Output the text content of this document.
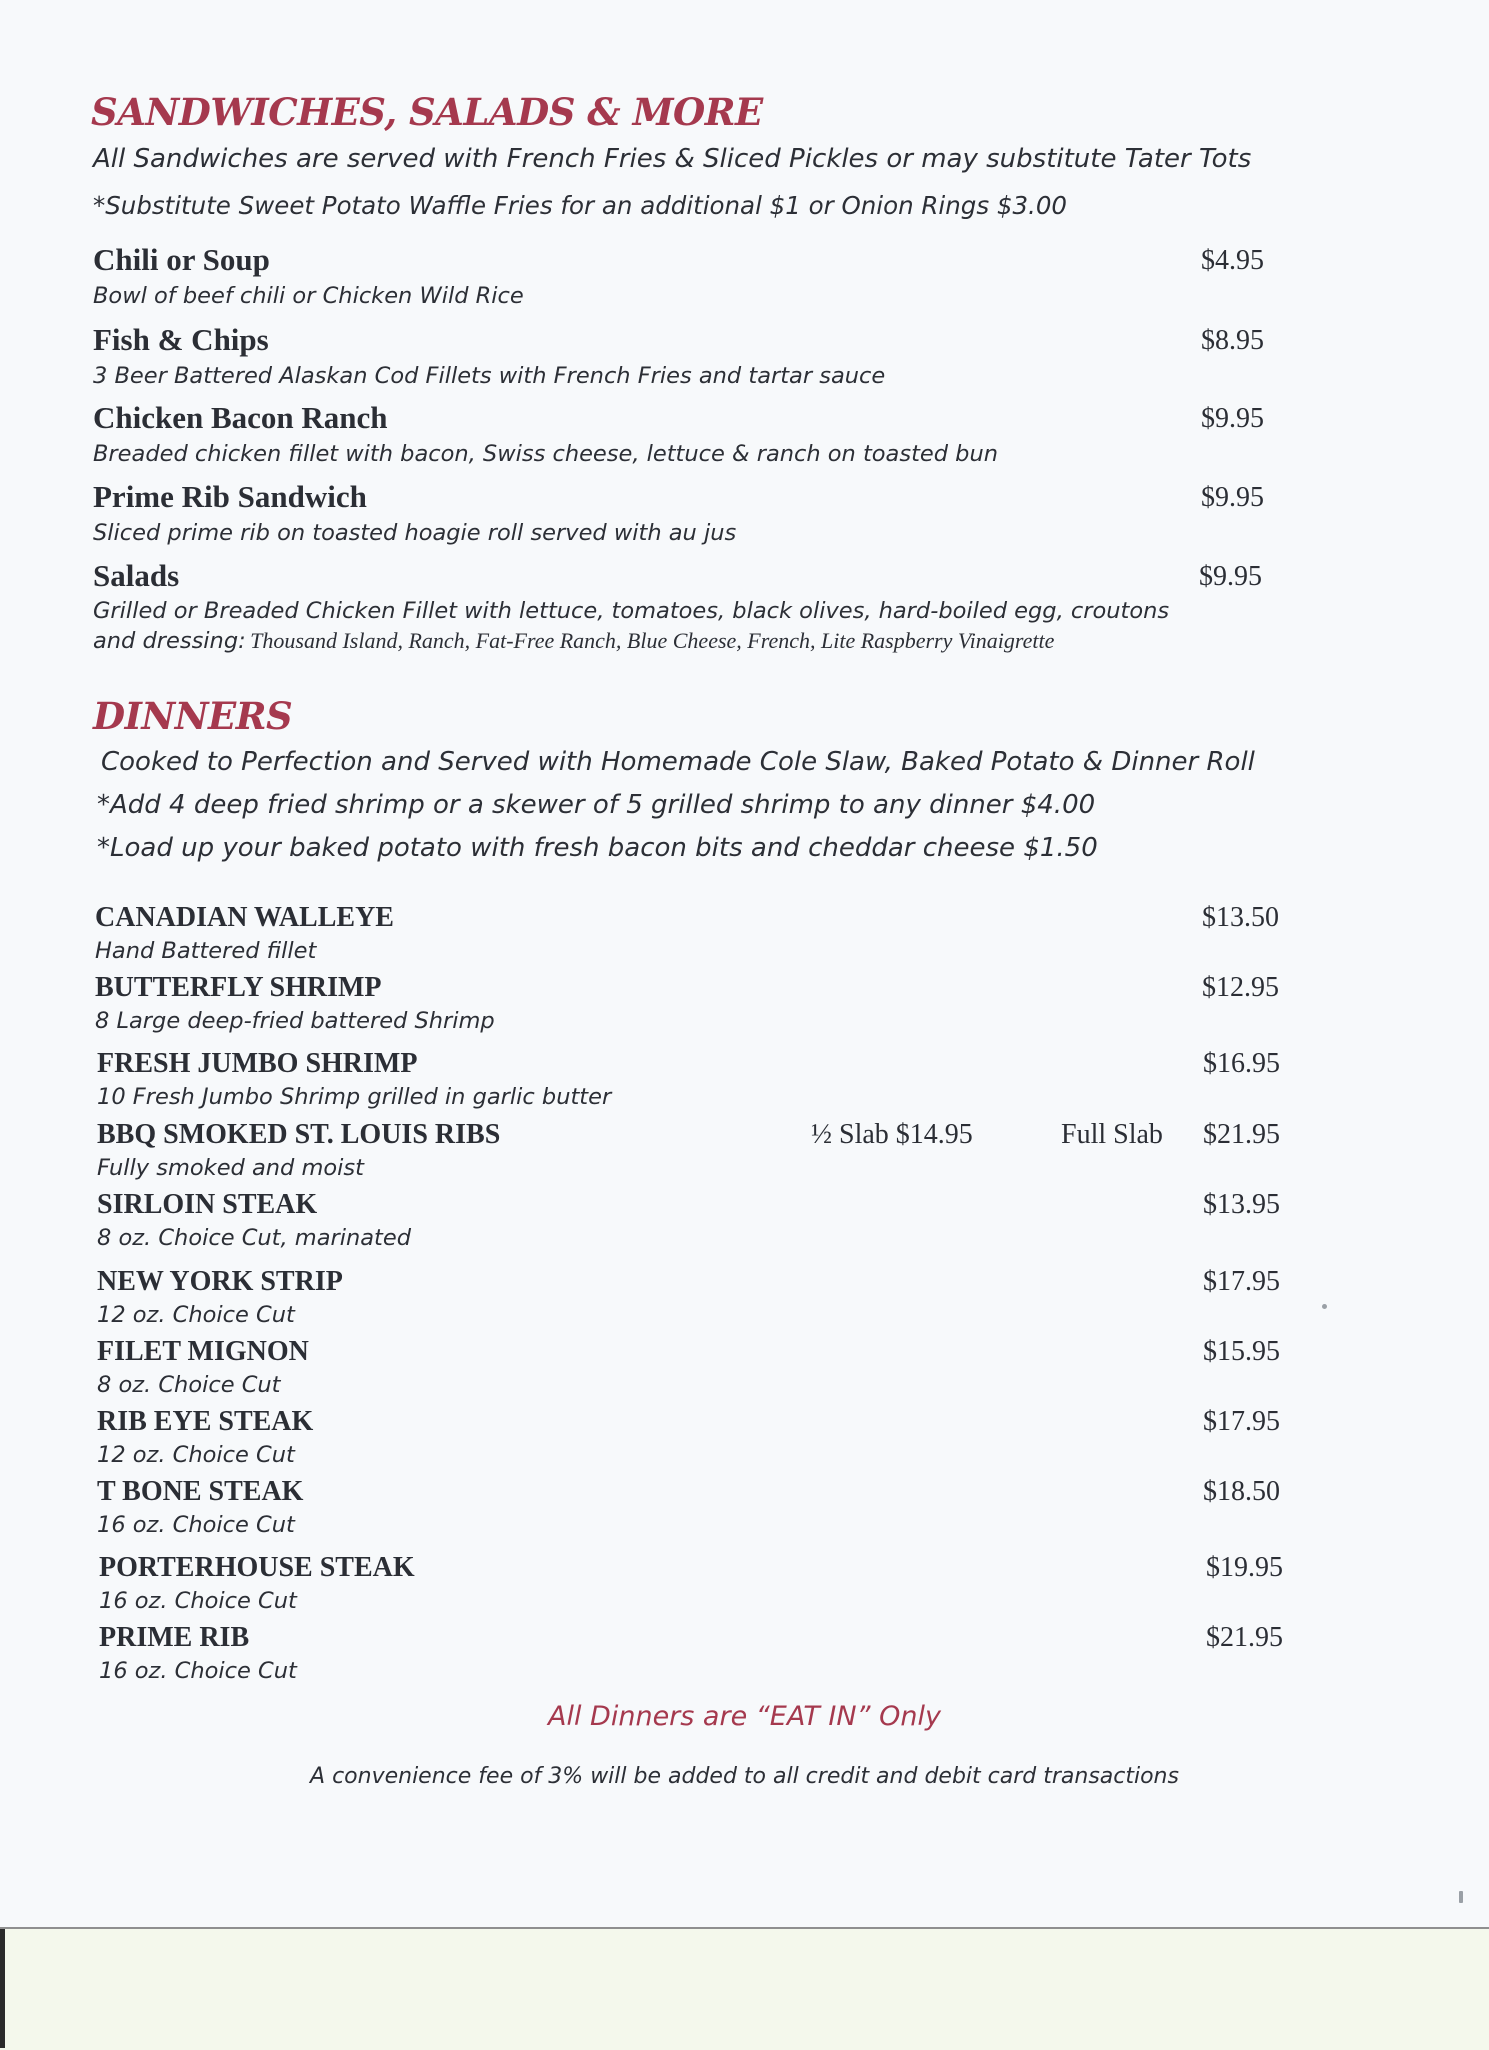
SANDWICHES, SALADS & MORE
All Sandwiches are served with French Fries & Sliced Pickles or may substitute Tater Tots
*Substitute Sweet Potato Waffle Fries for an additional $1 or Onion Rings $3.00
Chili or Soup
Bowl of beef chili or Chicken Wild Rice
$4.95
Fish & Chips
3 Beer Battered Alaskan Cod Fillets with French Fries and tartar sauce
$8.95
Chicken Bacon Ranch
Breaded chicken fillet with bacon, Swiss cheese, lettuce & ranch on toasted bun
$9.95
Prime Rib Sandwich
Sliced prime rib on toasted hoagie roll served with au jus
$9.95
Salads
Grilled or Breaded Chicken Fillet with lettuce, tomatoes, black olives, hard-boiled egg, croutons
$9.95
and dressing: Thousand Island, Ranch, Fat-Free Ranch, Blue Cheese, French, Lite Raspberry Vinaigrette
DINNERS
Cooked to Perfection and Served with Homemade Cole Slaw, Baked Potato & Dinner Roll
*Add 4 deep fried shrimp or a skewer of 5 grilled shrimp to any dinner $4.00
*Load up your baked potato with fresh bacon bits and cheddar cheese $1.50
CANADIAN WALLEYE
Hand Battered fillet
$13.50
BUTTERFLY SHRIMP
8 Large deep-fried battered Shrimp
$12.95
FRESH JUMBO SHRIMP
10 Fresh Jumbo Shrimp grilled in garlic butter
$16.95
BBQ SMOKED ST. LOUIS RIBS
Fully smoked and moist
½ Slab $14.95	Full Slab $21.95
SIRLOIN STEAK
8 oz. Choice Cut, marinated
$13.95
NEW YORK STRIP
12 oz. Choice Cut
$17.95
FILET MIGNON
8 oz. Choice Cut
$15.95
RIB EYE STEAK
12 oz. Choice Cut
$17.95
T BONE STEAK
16 oz. Choice Cut
$18.50
PORTERHOUSE STEAK
16 oz. Choice Cut
$19.95
PRIME RIB
16 oz. Choice Cut
$21.95
All Dinners are “EAT IN” Only
A convenience fee of 3% will be added to all credit and debit card transactions
